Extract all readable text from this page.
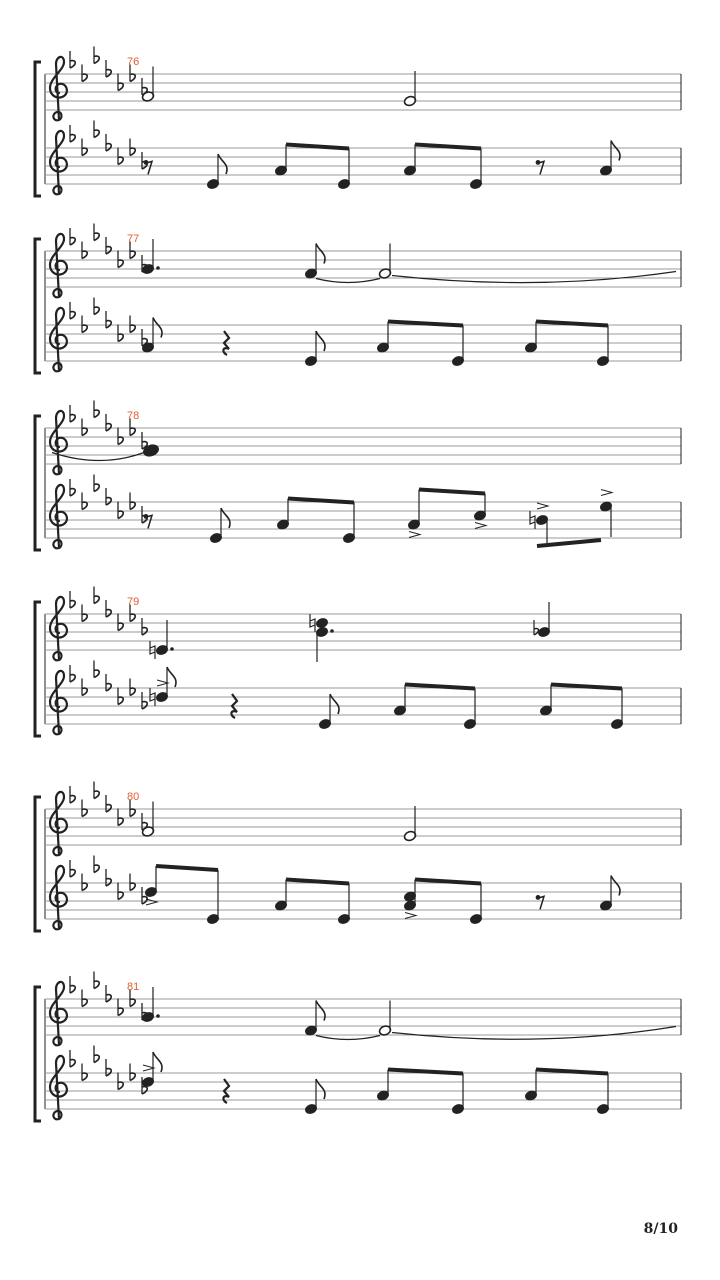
76
77
78
79
80
81
8/10
